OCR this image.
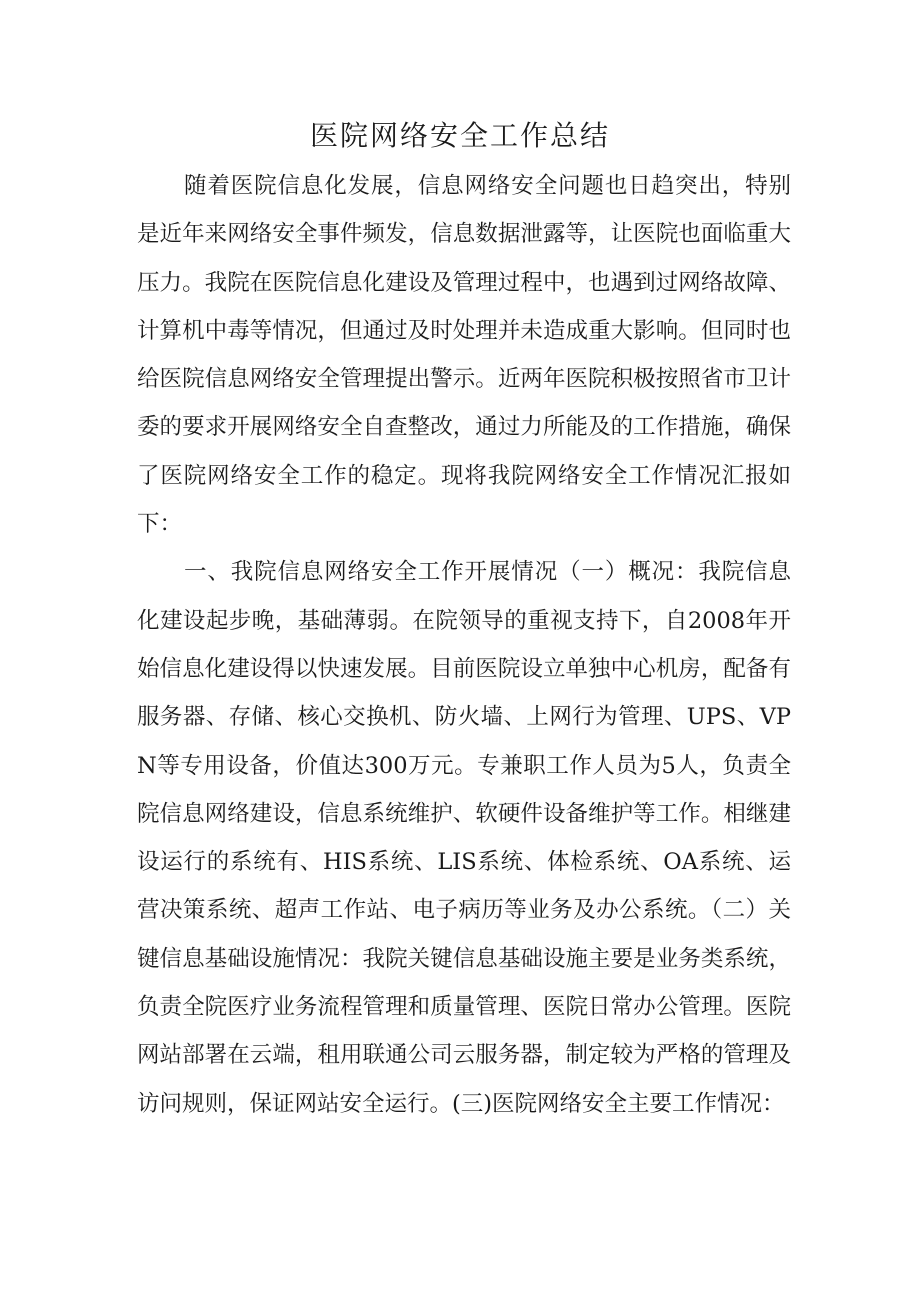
医院网络安全工作总结

随着医院信息化发展，信息网络安全问题也日趋突出，特别是近年来网络安全事件频发，信息数据泄露等，让医院也面临重大压力。我院在医院信息化建设及管理过程中，也遇到过网络故障、计算机中毒等情况，但通过及时处理并未造成重大影响。但同时也给医院信息网络安全管理提出警示。近两年医院积极按照省市卫计委的要求开展网络安全自查整改，通过力所能及的工作措施，确保了医院网络安全工作的稳定。现将我院网络安全工作情况汇报如下：

一、我院信息网络安全工作开展情况（一）概况：我院信息化建设起步晚，基础薄弱。在院领导的重视支持下，自2008年开始信息化建设得以快速发展。目前医院设立单独中心机房，配备有服务器、存储、核心交换机、防火墙、上网行为管理、UPS、VPN等专用设备，价值达300万元。专兼职工作人员为5人，负责全院信息网络建设，信息系统维护、软硬件设备维护等工作。相继建设运行的系统有、HIS系统、LIS系统、体检系统、OA系统、运营决策系统、超声工作站、电子病历等业务及办公系统。（二）关键信息基础设施情况：我院关键信息基础设施主要是业务类系统，负责全院医疗业务流程管理和质量管理、医院日常办公管理。医院网站部署在云端，租用联通公司云服务器，制定较为严格的管理及访问规则，保证网站安全运行。(三)医院网络安全主要工作情况：
